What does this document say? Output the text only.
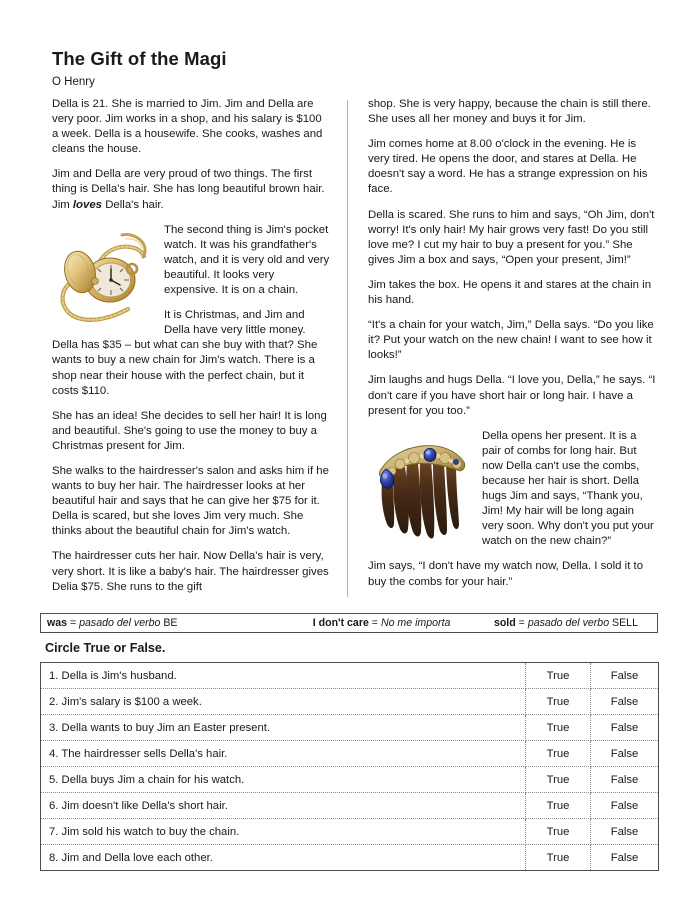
The Gift of the Magi
O Henry

Della is 21. She is married to Jim. Jim and Della are very poor. Jim works in a shop, and his salary is $100 a week. Della is a housewife. She cooks, washes and cleans the house.

Jim and Della are very proud of two things. The first thing is Della's hair. She has long beautiful brown hair. Jim loves Della's hair.

The second thing is Jim's pocket watch. It was his grandfather's watch, and it is very old and very beautiful. It looks very expensive. It is on a chain.

It is Christmas, and Jim and Della have very little money. Della has $35 – but what can she buy with that? She wants to buy a new chain for Jim's watch. There is a shop near their house with the perfect chain, but it costs $110.

She has an idea! She decides to sell her hair! It is long and beautiful. She's going to use the money to buy a Christmas present for Jim.

She walks to the hairdresser's salon and asks him if he wants to buy her hair. The hairdresser looks at her beautiful hair and says that he can give her $75 for it. Della is scared, but she loves Jim very much. She thinks about the beautiful chain for Jim's watch.

The hairdresser cuts her hair. Now Della's hair is very, very short. It is like a baby's hair. The hairdresser gives Delia $75. She runs to the gift

shop. She is very happy, because the chain is still there. She uses all her money and buys it for Jim.

Jim comes home at 8.00 o'clock in the evening. He is very tired. He opens the door, and stares at Della. He doesn't say a word. He has a strange expression on his face.

Della is scared. She runs to him and says, “Oh Jim, don't worry! It's only hair! My hair grows very fast! Do you still love me? I cut my hair to buy a present for you.” She gives Jim a box and says, “Open your present, Jim!”

Jim takes the box. He opens it and stares at the chain in his hand.

“It's a chain for your watch, Jim,” Della says. “Do you like it? Put your watch on the new chain! I want to see how it looks!”

Jim laughs and hugs Della. “I love you, Della,” he says. “I don't care if you have short hair or long hair. I have a present for you too.”

Della opens her present. It is a pair of combs for long hair. But now Della can't use the combs, because her hair is short. Della hugs Jim and says, “Thank you, Jim! My hair will be long again very soon. Why don't you put your watch on the new chain?”

Jim says, “I don't have my watch now, Della. I sold it to buy the combs for your hair.”

was = pasado del verbo BE	I don't care = No me importa	sold = pasado del verbo SELL
Circle True or False.
1. Della is Jim's husband.	True	False
2. Jim's salary is $100 a week.	True	False
3. Della wants to buy Jim an Easter present.	True	False
4. The hairdresser sells Della's hair.	True	False
5. Della buys Jim a chain for his watch.	True	False
6. Jim doesn't like Della's short hair.	True	False
7. Jim sold his watch to buy the chain.	True	False
8. Jim and Della love each other.	True	False
